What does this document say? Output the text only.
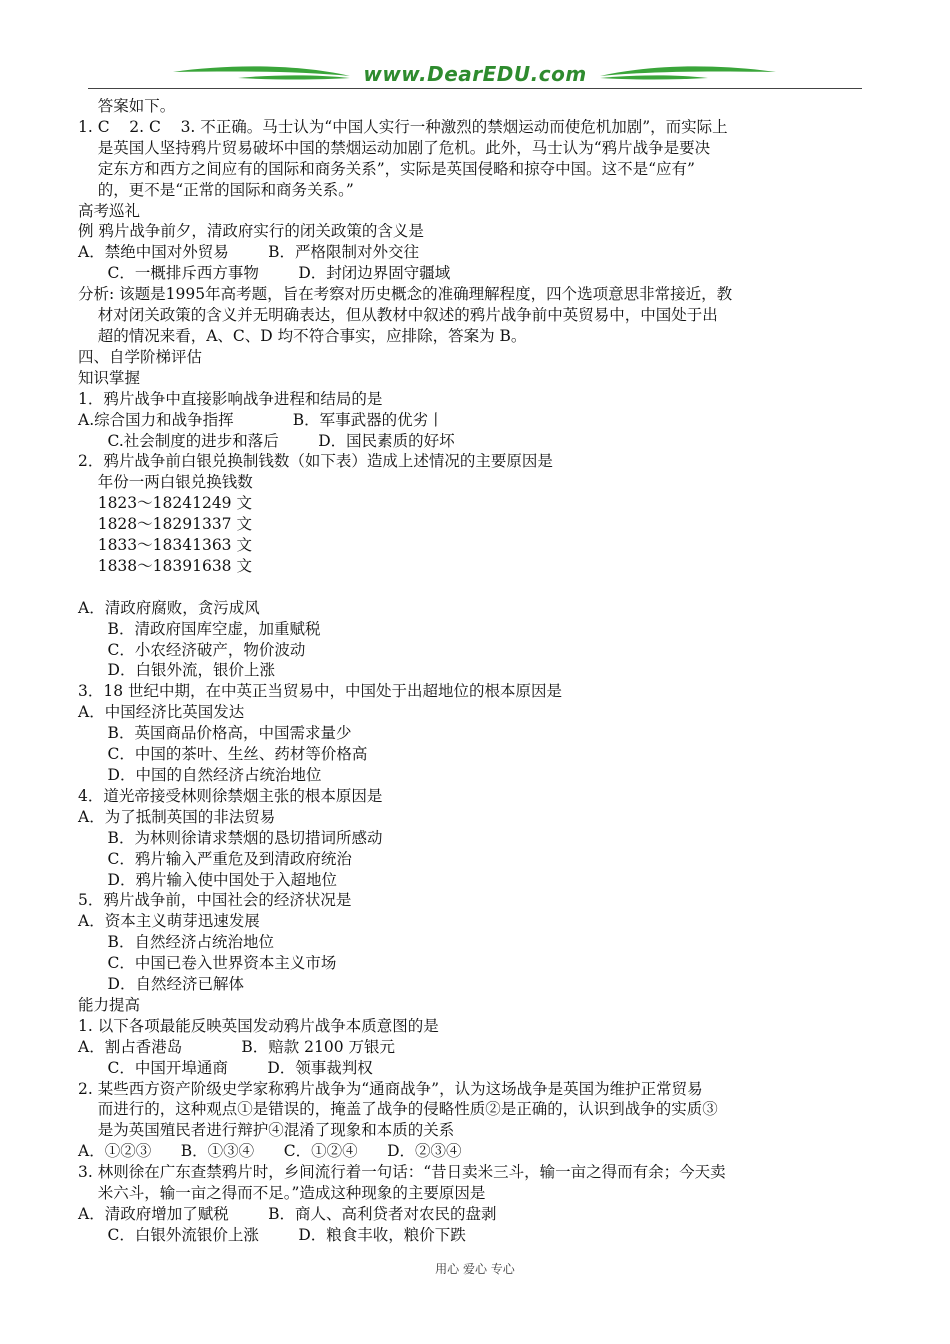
www.DearEDU.com
答案如下。
1. C    2. C    3. 不正确。马士认为“中国人实行一种激烈的禁烟运动而使危机加剧”，而实际上
是英国人坚持鸦片贸易破坏中国的禁烟运动加剧了危机。此外，马士认为“鸦片战争是要决
定东方和西方之间应有的国际和商务关系”，实际是英国侵略和掠夺中国。这不是“应有”
的，更不是“正常的国际和商务关系。”
高考巡礼
例 鸦片战争前夕，清政府实行的闭关政策的含义是
A．禁绝中国对外贸易        B．严格限制对外交往
C．一概排斥西方事物        D．封闭边界固守疆域
分析: 该题是1995年高考题，旨在考察对历史概念的准确理解程度，四个选项意思非常接近，教
材对闭关政策的含义并无明确表达，但从教材中叙述的鸦片战争前中英贸易中，中国处于出
超的情况来看，A、C、D 均不符合事实，应排除，答案为 B。
四、自学阶梯评估
知识掌握
1．鸦片战争中直接影响战争进程和结局的是
A.综合国力和战争指挥            B．军事武器的优劣丨
C.社会制度的进步和落后        D．国民素质的好坏
2．鸦片战争前白银兑换制钱数（如下表）造成上述情况的主要原因是
年份一两白银兑换钱数
1823～18241249 文
1828～18291337 文
1833～18341363 文
1838～18391638 文
A．清政府腐败，贪污成风
B．清政府国库空虚，加重赋税
C．小农经济破产，物价波动
D．白银外流，银价上涨
3．18 世纪中期，在中英正当贸易中，中国处于出超地位的根本原因是
A．中国经济比英国发达
B．英国商品价格高，中国需求量少
C．中国的茶叶、生丝、药材等价格高
D．中国的自然经济占统治地位
4．道光帝接受林则徐禁烟主张的根本原因是
A．为了抵制英国的非法贸易
B．为林则徐请求禁烟的恳切措词所感动
C．鸦片输入严重危及到清政府统治
D．鸦片输入使中国处于入超地位
5．鸦片战争前，中国社会的经济状况是
A．资本主义萌芽迅速发展
B．自然经济占统治地位
C．中国已卷入世界资本主义市场
D．自然经济已解体
能力提高
1. 以下各项最能反映英国发动鸦片战争本质意图的是
A．割占香港岛            B．赔款 2100 万银元
C．中国开埠通商        D．领事裁判权
2. 某些西方资产阶级史学家称鸦片战争为“通商战争”，认为这场战争是英国为维护正常贸易
而进行的，这种观点①是错误的，掩盖了战争的侵略性质②是正确的，认识到战争的实质③
是为英国殖民者进行辩护④混淆了现象和本质的关系
A．①②③      B．①③④      C．①②④      D．②③④
3. 林则徐在广东查禁鸦片时，乡间流行着一句话：“昔日卖米三斗，输一亩之得而有余；今天卖
米六斗，输一亩之得而不足。”造成这种现象的主要原因是
A．清政府增加了赋税        B．商人、高利贷者对农民的盘剥
C．白银外流银价上涨        D．粮食丰收，粮价下跌
用心 爱心 专心
